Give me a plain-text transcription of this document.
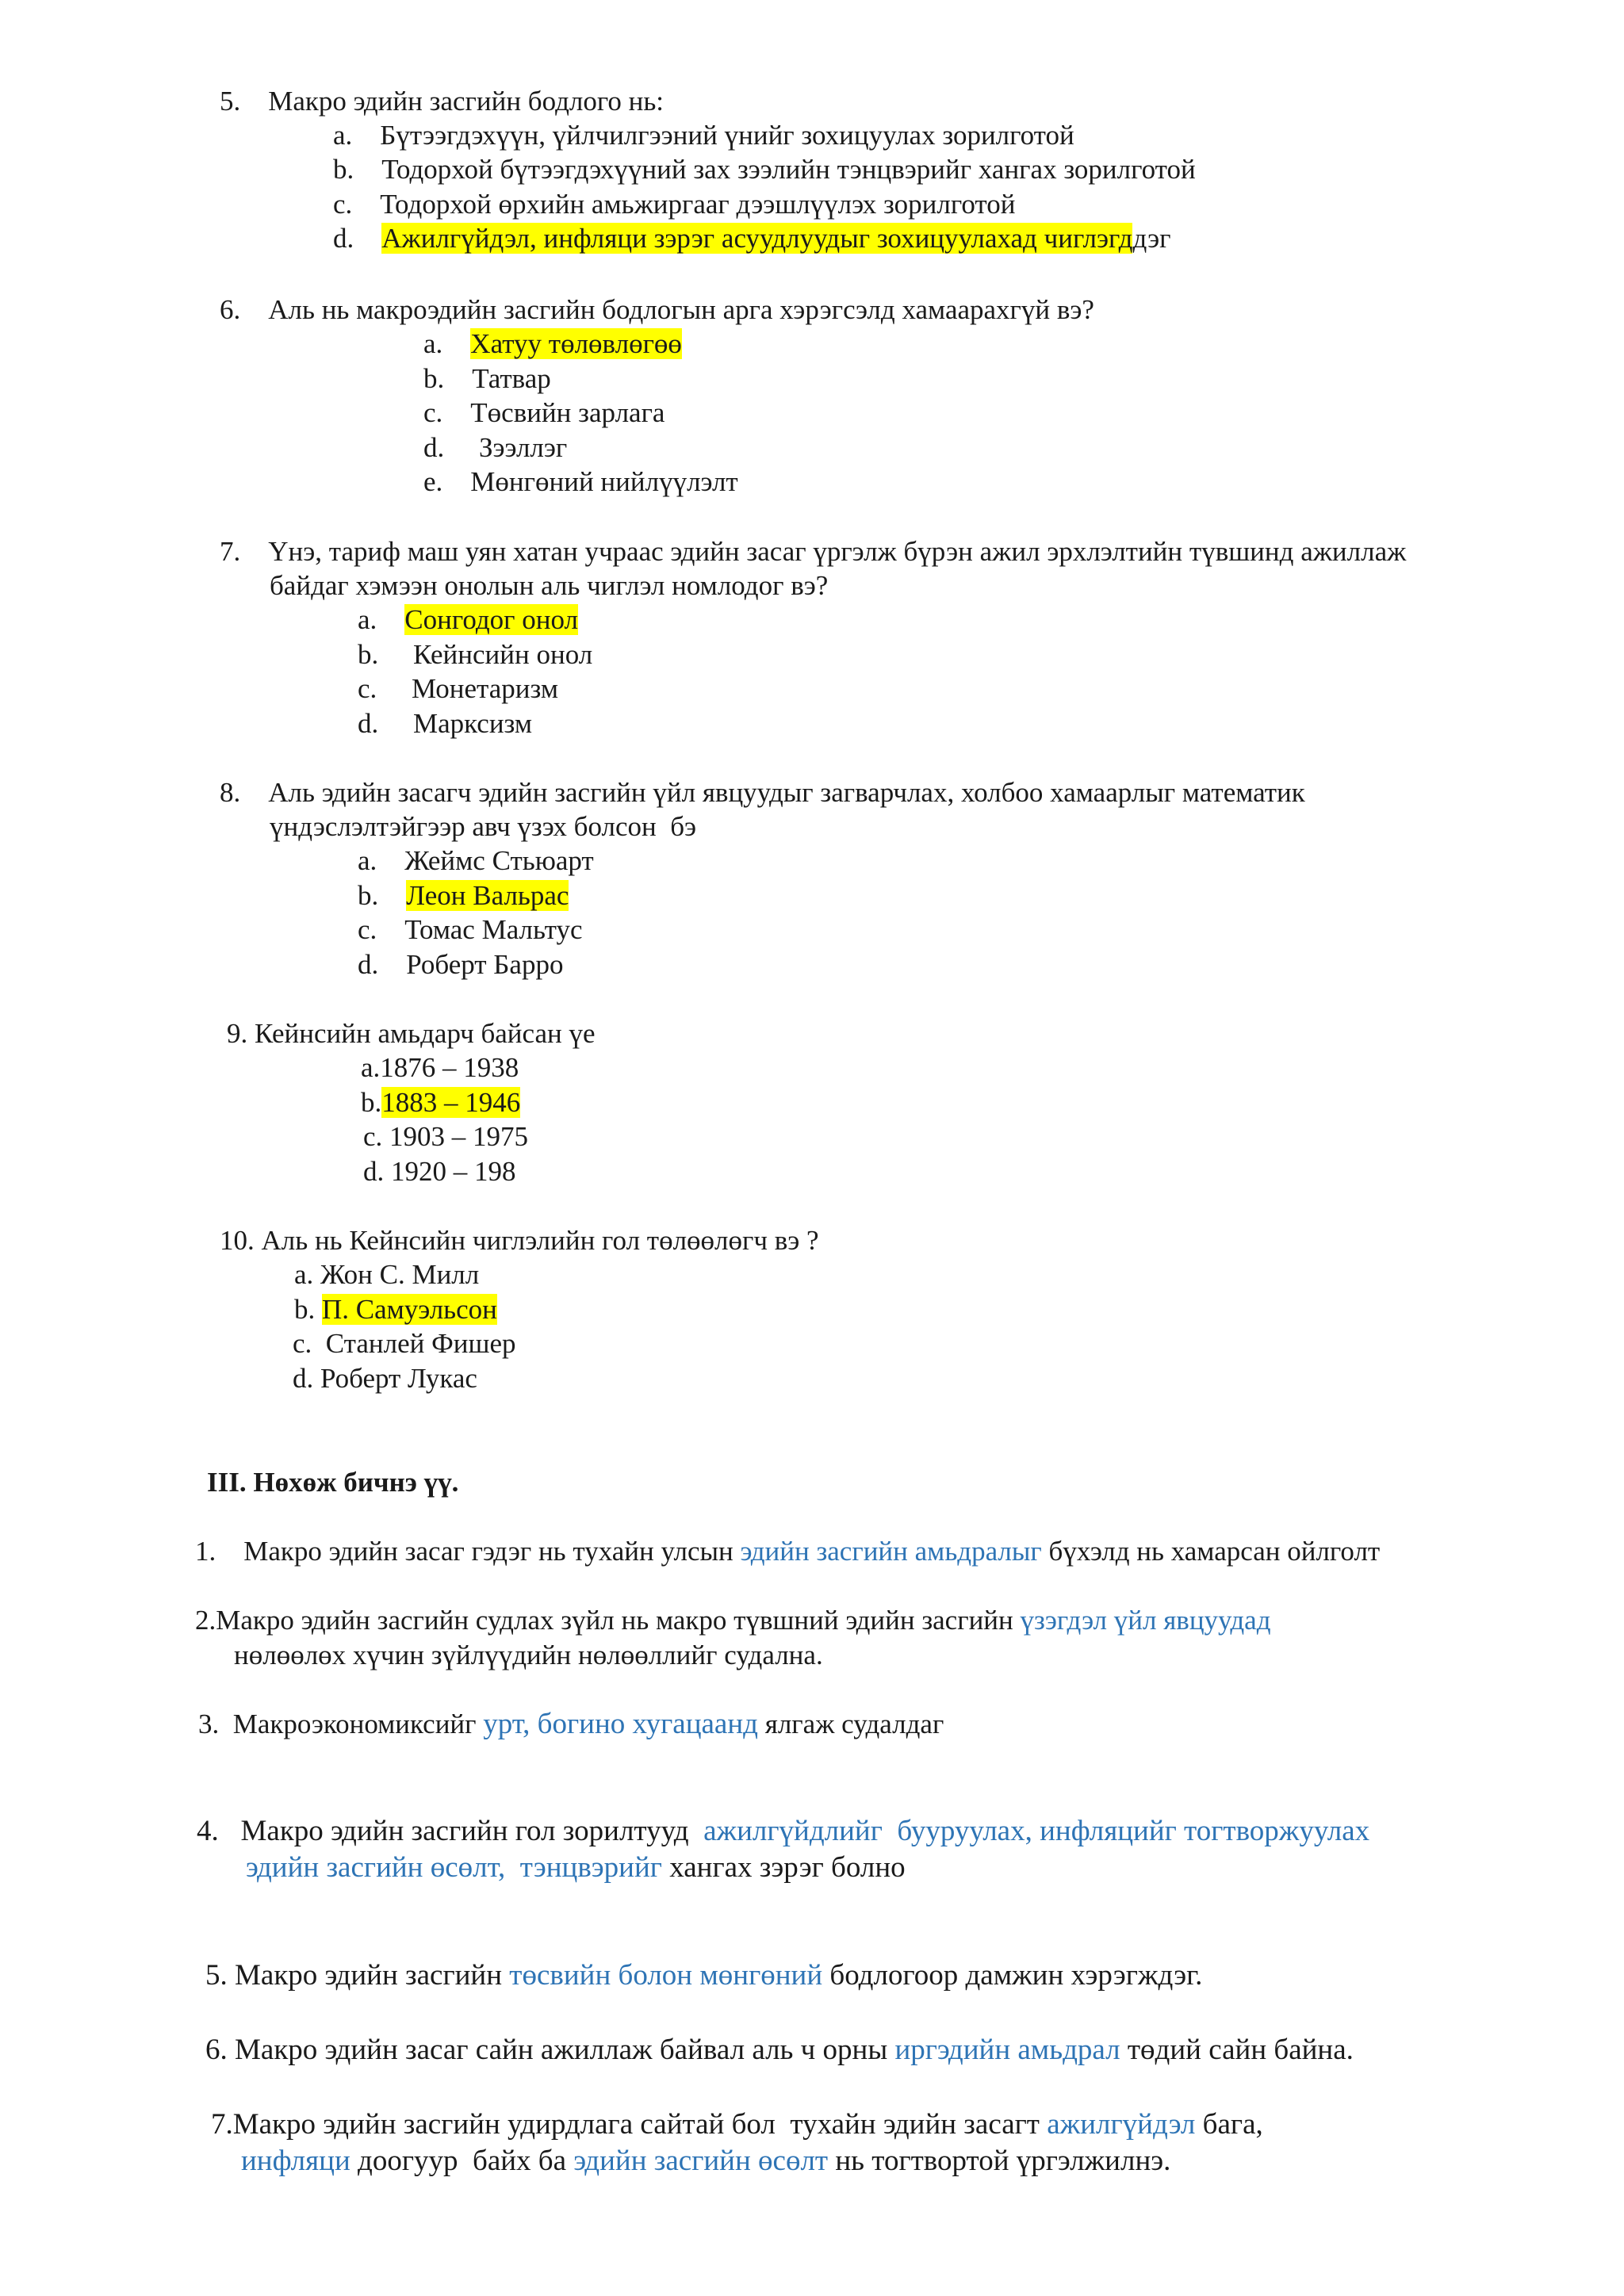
5.    Макро эдийн засгийн бодлого нь:
a.    Бүтээгдэхүүн, үйлчилгээний үнийг зохицуулах зорилготой
b.    Тодорхой бүтээгдэхүүний зах зээлийн тэнцвэрийг хангах зорилготой
c.    Тодорхой өрхийн амьжиргааг дээшлүүлэх зорилготой
d.    Ажилгүйдэл, инфляци зэрэг асуудлуудыг зохицуулахад чиглэгддэг
6.    Аль нь макроэдийн засгийн бодлогын арга хэрэгсэлд хамаарахгүй вэ?
a.    Хатуу төлөвлөгөө
b.    Татвар
c.    Төсвийн зарлага
d.     Зээллэг
e.    Мөнгөний нийлүүлэлт
7.    Үнэ, тариф маш уян хатан учраас эдийн засаг үргэлж бүрэн ажил эрхлэлтийн түвшинд ажиллаж
байдаг хэмээн онолын аль чиглэл номлодог вэ?
a.    Сонгодог онол
b.     Кейнсийн онол
c.     Монетаризм
d.     Марксизм
8.    Аль эдийн засагч эдийн засгийн үйл явцуудыг загварчлах, холбоо хамаарлыг математик
үндэслэлтэйгээр авч үзэх болсон  бэ
a.    Жеймс Стьюарт
b.    Леон Вальрас
c.    Томас Мальтус
d.    Роберт Барро
9. Кейнсийн амьдарч байсан үе
a.1876 – 1938
b.1883 – 1946
c. 1903 – 1975
d. 1920 – 198
10. Аль нь Кейнсийн чиглэлийн гол төлөөлөгч вэ ?
a. Жон С. Милл
b. П. Самуэльсон
c.  Станлей Фишер
d. Роберт Лукас
III. Нөхөж бичнэ үү.
1.    Макро эдийн засаг гэдэг нь тухайн улсын эдийн засгийн амьдралыг бүхэлд нь хамарсан ойлголт
2.Макро эдийн засгийн судлах зүйл нь макро түвшний эдийн засгийн үзэгдэл үйл явцуудад
нөлөөлөх хүчин зүйлүүдийн нөлөөллийг судална.
3.  Макроэкономиксийг урт, богино хугацаанд ялгаж судалдаг
4.   Макро эдийн засгийн гол зорилтууд  ажилгүйдлийг  бууруулах, инфляцийг тогтворжуулах
эдийн засгийн өсөлт,  тэнцвэрийг хангах зэрэг болно
5. Макро эдийн засгийн төсвийн болон мөнгөний бодлогоор дамжин хэрэгждэг.
6. Макро эдийн засаг сайн ажиллаж байвал аль ч орны иргэдийн амьдрал төдий сайн байна.
7.Макро эдийн засгийн удирдлага сайтай бол  тухайн эдийн засагт ажилгүйдэл бага,
инфляци доогуур  байх ба эдийн засгийн өсөлт нь тогтвортой үргэлжилнэ.
